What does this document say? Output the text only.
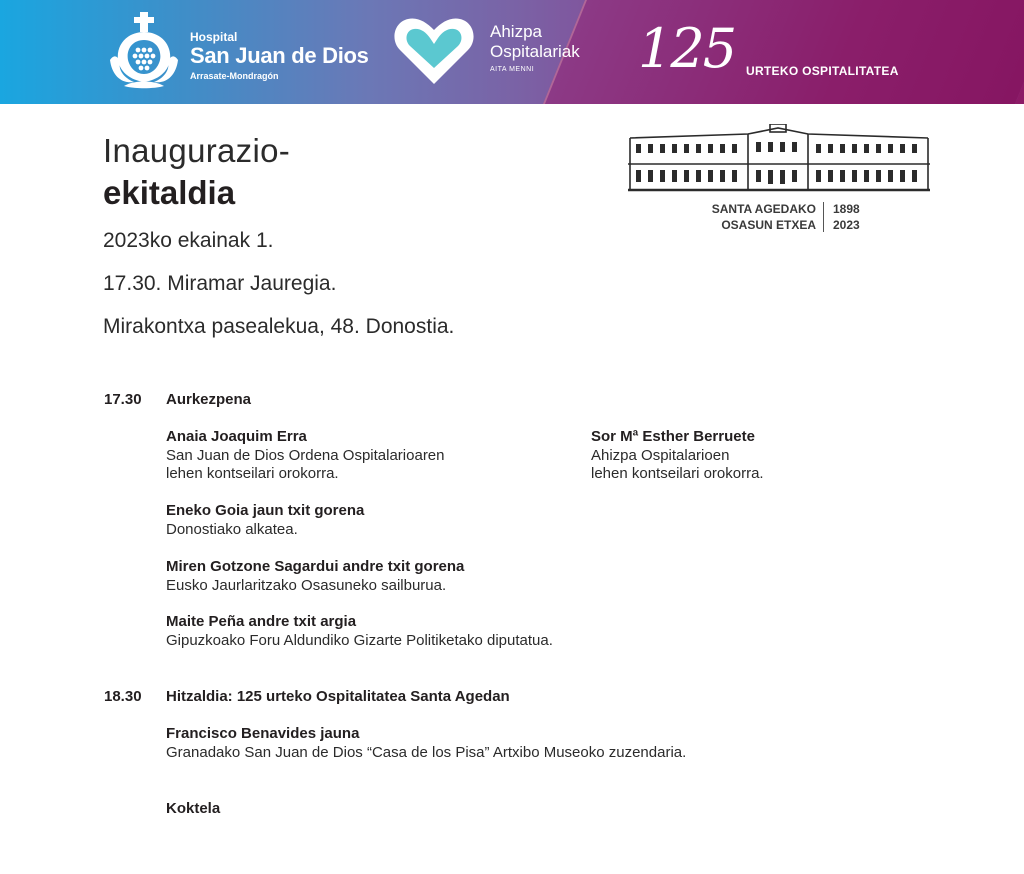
Hospital
San Juan de Dios
Arrasate-Mondragón
Ahizpa
Ospitalariak
AITA MENNI	125 URTEKO OSPITALITATEA
Inaugurazio-
ekitaldia
2023ko ekainak 1.
17.30. Miramar Jauregia.
Mirakontxa pasealekua, 48. Donostia.
SANTA AGEDAKO
OSASUN ETXEA
1898
2023
17.30 Aurkezpena
Anaia Joaquim Erra
San Juan de Dios Ordena Ospitalarioaren
lehen kontseilari orokorra.
Sor Mª Esther Berruete
Ahizpa Ospitalarioen
lehen kontseilari orokorra.
Eneko Goia jaun txit gorena
Donostiako alkatea.
Miren Gotzone Sagardui andre txit gorena
Eusko Jaurlaritzako Osasuneko sailburua.
Maite Peña andre txit argia
Gipuzkoako Foru Aldundiko Gizarte Politiketako diputatua.
18.30 Hitzaldia: 125 urteko Ospitalitatea Santa Agedan
Francisco Benavides jauna
Granadako San Juan de Dios “Casa de los Pisa” Artxibo Museoko zuzendaria.
Koktela
